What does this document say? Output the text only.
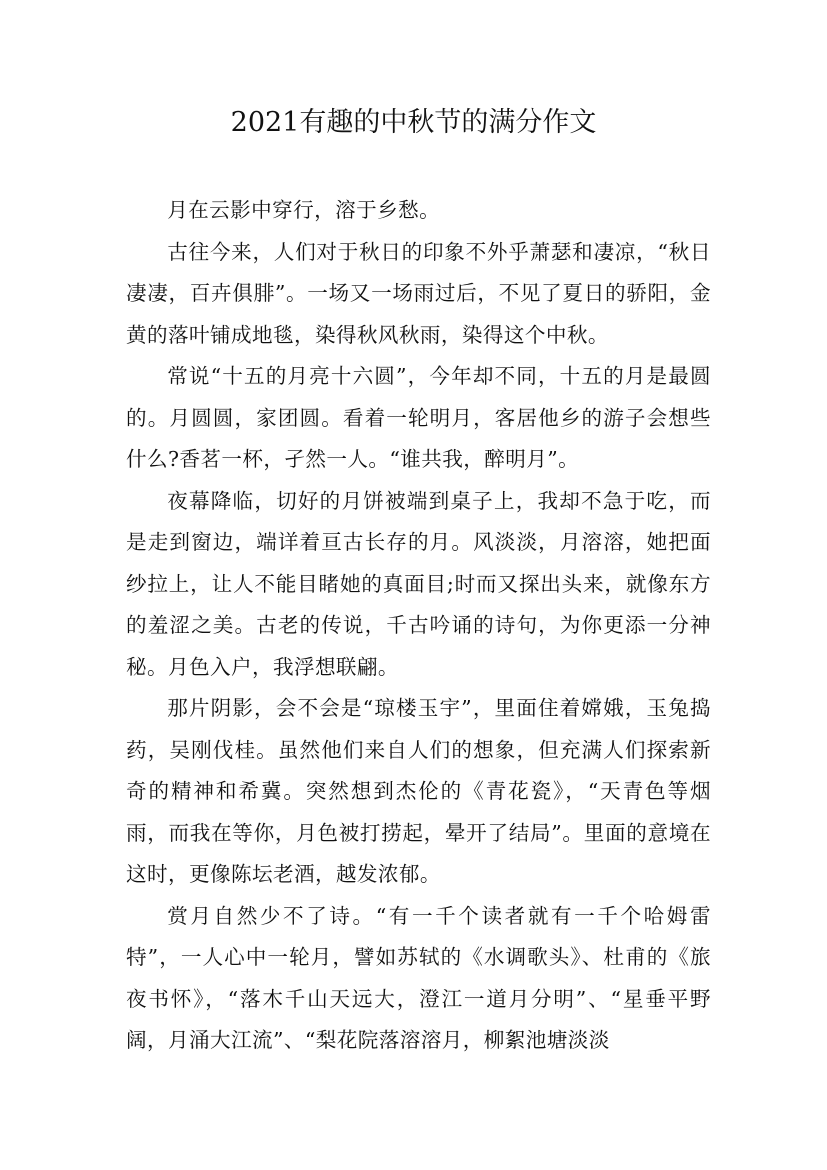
2021有趣的中秋节的满分作文

月在云影中穿行，溶于乡愁。

古往今来，人们对于秋日的印象不外乎萧瑟和凄凉，“秋日凄凄，百卉俱腓”。一场又一场雨过后，不见了夏日的骄阳，金黄的落叶铺成地毯，染得秋风秋雨，染得这个中秋。

常说“十五的月亮十六圆”，今年却不同，十五的月是最圆的。月圆圆，家团圆。看着一轮明月，客居他乡的游子会想些什么?香茗一杯，孑然一人。“谁共我，醉明月”。

夜幕降临，切好的月饼被端到桌子上，我却不急于吃，而是走到窗边，端详着亘古长存的月。风淡淡，月溶溶，她把面纱拉上，让人不能目睹她的真面目;时而又探出头来，就像东方的羞涩之美。古老的传说，千古吟诵的诗句，为你更添一分神秘。月色入户，我浮想联翩。

那片阴影，会不会是“琼楼玉宇”，里面住着嫦娥，玉兔捣药，吴刚伐桂。虽然他们来自人们的想象，但充满人们探索新奇的精神和希冀。突然想到杰伦的《青花瓷》，“天青色等烟雨，而我在等你，月色被打捞起，晕开了结局”。里面的意境在这时，更像陈坛老酒，越发浓郁。

赏月自然少不了诗。“有一千个读者就有一千个哈姆雷特”，一人心中一轮月，譬如苏轼的《水调歌头》、杜甫的《旅夜书怀》，“落木千山天远大，澄江一道月分明”、“星垂平野阔，月涌大江流”、“梨花院落溶溶月，柳絮池塘淡淡
